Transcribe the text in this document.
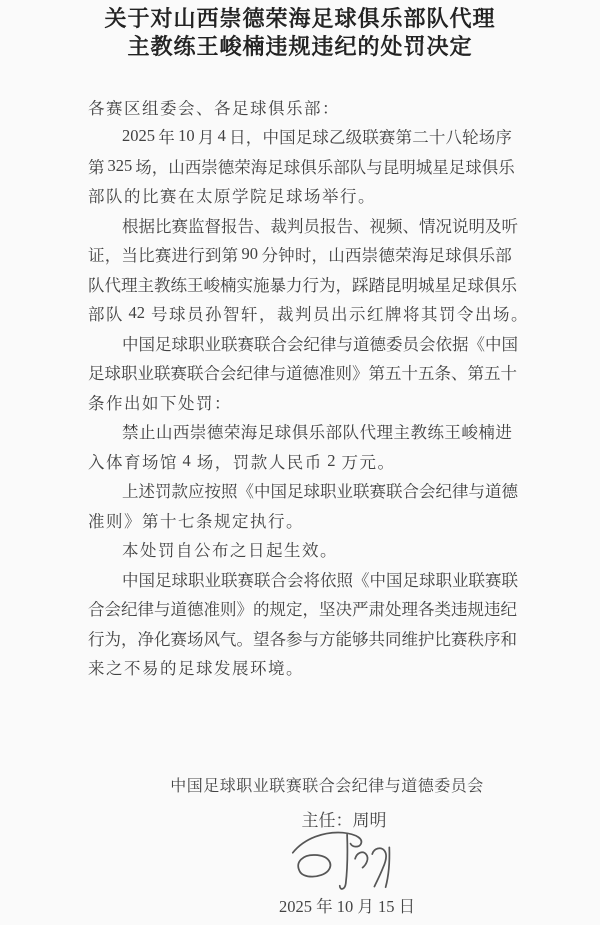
关于对山西崇德荣海足球俱乐部队代理
主教练王峻楠违规违纪的处罚决定
各 赛 区 组 委 会 、 各 足 球 俱 乐 部 ：
2025 年 10 月 4 日 ， 中 国 足 球 乙 级 联 赛 第 二 十 八 轮 场 序
第 325 场 ， 山 西 崇 德 荣 海 足 球 俱 乐 部 队 与 昆 明 城 星 足 球 俱 乐
部 队 的 比 赛 在 太 原 学 院 足 球 场 举 行 。
根 据 比 赛 监 督 报 告 、 裁 判 员 报 告 、 视 频 、 情 况 说 明 及 听
证 ， 当 比 赛 进 行 到 第 90 分 钟 时 ， 山 西 崇 德 荣 海 足 球 俱 乐 部
队 代 理 主 教 练 王 峻 楠 实 施 暴 力 行 为 ， 踩 踏 昆 明 城 星 足 球 俱 乐
部 队 42 号 球 员 孙 智 轩 ， 裁 判 员 出 示 红 牌 将 其 罚 令 出 场 。
中 国 足 球 职 业 联 赛 联 合 会 纪 律 与 道 德 委 员 会 依 据 《 中 国
足 球 职 业 联 赛 联 合 会 纪 律 与 道 德 准 则 》 第 五 十 五 条 、 第 五 十
条 作 出 如 下 处 罚 ：
禁 止 山 西 崇 德 荣 海 足 球 俱 乐 部 队 代 理 主 教 练 王 峻 楠 进
入 体 育 场 馆 4 场 ， 罚 款 人 民 币 2 万 元 。
上 述 罚 款 应 按 照 《 中 国 足 球 职 业 联 赛 联 合 会 纪 律 与 道 德
准 则 》 第 十 七 条 规 定 执 行 。
本 处 罚 自 公 布 之 日 起 生 效 。
中 国 足 球 职 业 联 赛 联 合 会 将 依 照 《 中 国 足 球 职 业 联 赛 联
合 会 纪 律 与 道 德 准 则 》 的 规 定 ， 坚 决 严 肃 处 理 各 类 违 规 违 纪
行 为 ， 净 化 赛 场 风 气 。 望 各 参 与 方 能 够 共 同 维 护 比 赛 秩 序 和
来 之 不 易 的 足 球 发 展 环 境 。
中国足球职业联赛联合会纪律与道德委员会
主任：周明
2025 年 10 月 15 日
